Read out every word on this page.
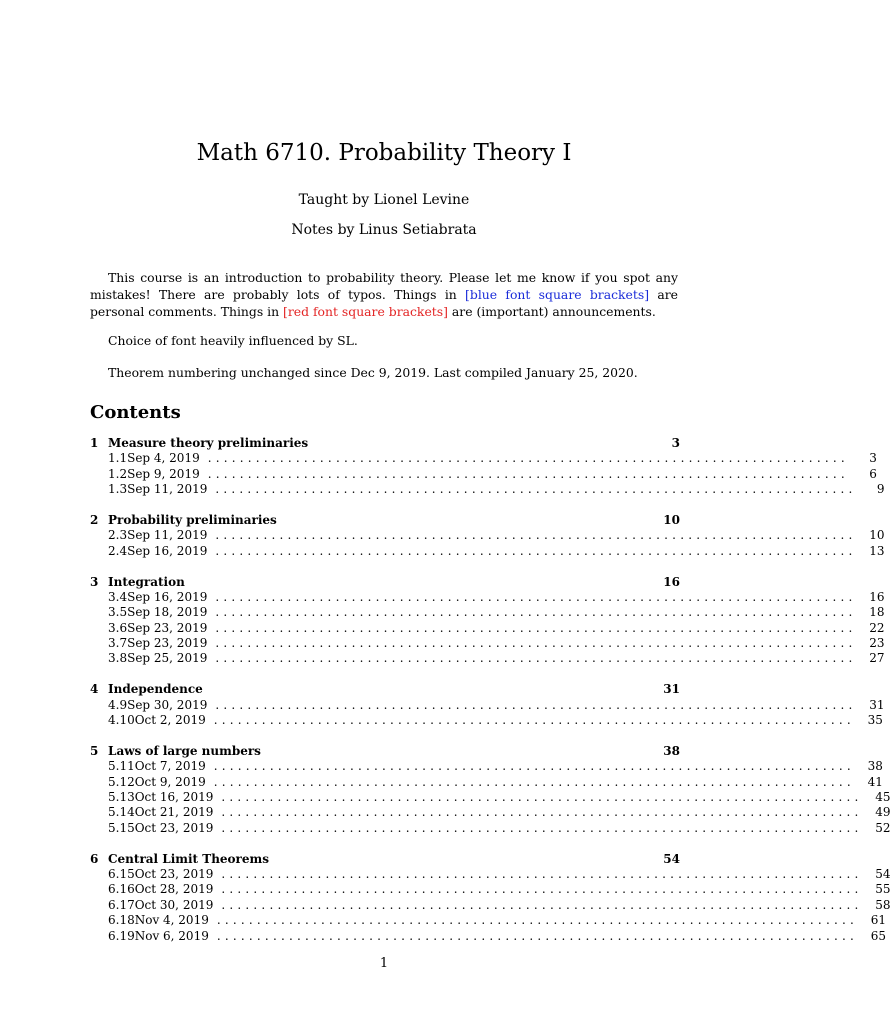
Math 6710. Probability Theory I
Taught by Lionel Levine
Notes by Linus Setiabrata
This course is an introduction to probability theory. Please let me know if you spot any mistakes! There are probably lots of typos. Things in [blue font square brackets] are personal comments. Things in [red font square brackets] are (important) announcements.
Choice of font heavily influenced by SL.
Theorem numbering unchanged since Dec 9, 2019. Last compiled January 25, 2020.
Contents
1 Measure theory preliminaries	3
1.1 Sep 4, 2019 ................................................................................	3
1.2 Sep 9, 2019 ................................................................................	6
1.3 Sep 11, 2019 ................................................................................	9
2 Probability preliminaries	10
2.3 Sep 11, 2019 ................................................................................	10
2.4 Sep 16, 2019 ................................................................................	13
3 Integration	16
3.4 Sep 16, 2019 ................................................................................	16
3.5 Sep 18, 2019 ................................................................................	18
3.6 Sep 23, 2019 ................................................................................	22
3.7 Sep 23, 2019 ................................................................................	23
3.8 Sep 25, 2019 ................................................................................	27
4 Independence	31
4.9 Sep 30, 2019 ................................................................................	31
4.10 Oct 2, 2019 ................................................................................	35
5 Laws of large numbers	38
5.11 Oct 7, 2019 ................................................................................	38
5.12 Oct 9, 2019 ................................................................................	41
5.13 Oct 16, 2019 ................................................................................	45
5.14 Oct 21, 2019 ................................................................................	49
5.15 Oct 23, 2019 ................................................................................	52
6 Central Limit Theorems	54
6.15 Oct 23, 2019 ................................................................................	54
6.16 Oct 28, 2019 ................................................................................	55
6.17 Oct 30, 2019 ................................................................................	58
6.18 Nov 4, 2019 ................................................................................	61
6.19 Nov 6, 2019 ................................................................................	65
1
